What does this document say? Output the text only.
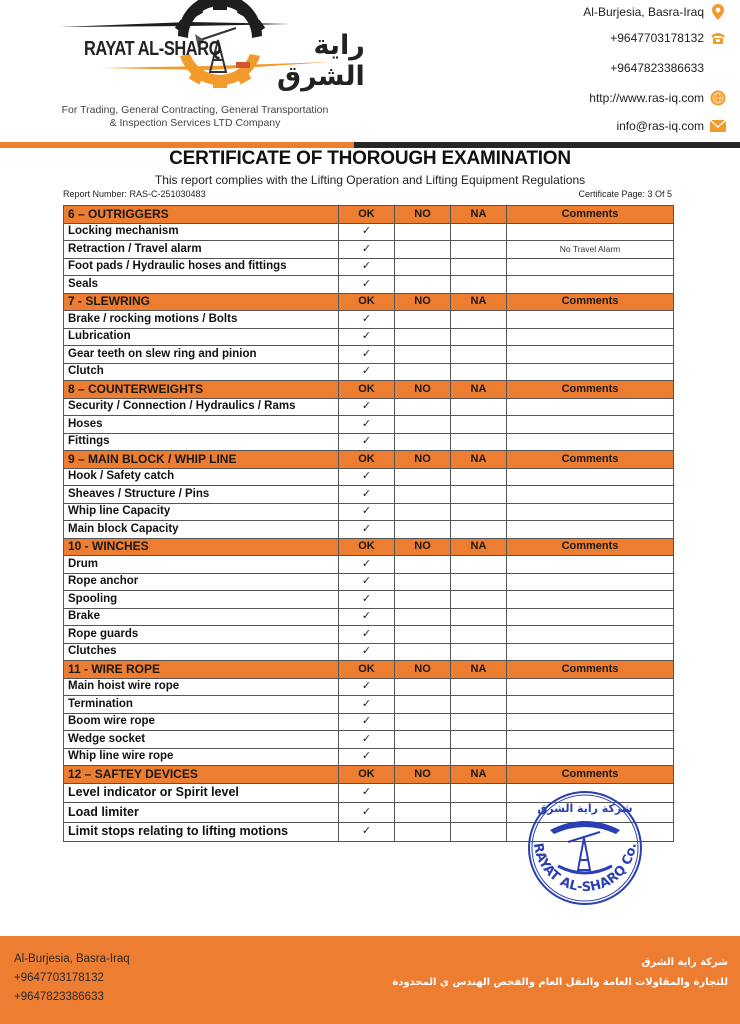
RAYAT AL-SHARQ	راية الشرق
For Trading, General Contracting, General Transportation
& Inspection Services LTD Company
Al-Burjesia, Basra-Iraq
+9647703178132
+9647823386633
http://www.ras-iq.com
info@ras-iq.com
CERTIFICATE OF THOROUGH EXAMINATION
This report complies with the Lifting Operation and Lifting Equipment Regulations
Report Number: RAS-C-251030483	Certificate Page: 3 Of 5
6 – OUTRIGGERS	OK	NO	NA	Comments
Locking mechanism	✓			
Retraction / Travel alarm	✓			No Travel Alarm
Foot pads / Hydraulic hoses and fittings	✓			
Seals	✓			
7 - SLEWRING	OK	NO	NA	Comments
Brake / rocking motions / Bolts	✓			
Lubrication	✓			
Gear teeth on slew ring and pinion	✓			
Clutch	✓			
8 – COUNTERWEIGHTS	OK	NO	NA	Comments
Security / Connection / Hydraulics / Rams	✓			
Hoses	✓			
Fittings	✓			
9 – MAIN BLOCK / WHIP LINE	OK	NO	NA	Comments
Hook / Safety catch	✓			
Sheaves / Structure / Pins	✓			
Whip line Capacity	✓			
Main block Capacity	✓			
10 - WINCHES	OK	NO	NA	Comments
Drum	✓			
Rope anchor	✓			
Spooling	✓			
Brake	✓			
Rope guards	✓			
Clutches	✓			
11 - WIRE ROPE	OK	NO	NA	Comments
Main hoist wire rope	✓			
Termination	✓			
Boom wire rope	✓			
Wedge socket	✓			
Whip line wire rope	✓			
12 – SAFTEY DEVICES	OK	NO	NA	Comments
Level indicator or Spirit level	✓			
Load limiter	✓			
Limit stops relating to lifting motions	✓			
شركة راية الشرق
RAYAT AL-SHARQ Co.
Al-Burjesia, Basra-Iraq
+9647703178132
+9647823386633
شركة راية الشرق
للتجارة والمقاولات العامة والنقل العام والفحص الهندس ي المحدودة
